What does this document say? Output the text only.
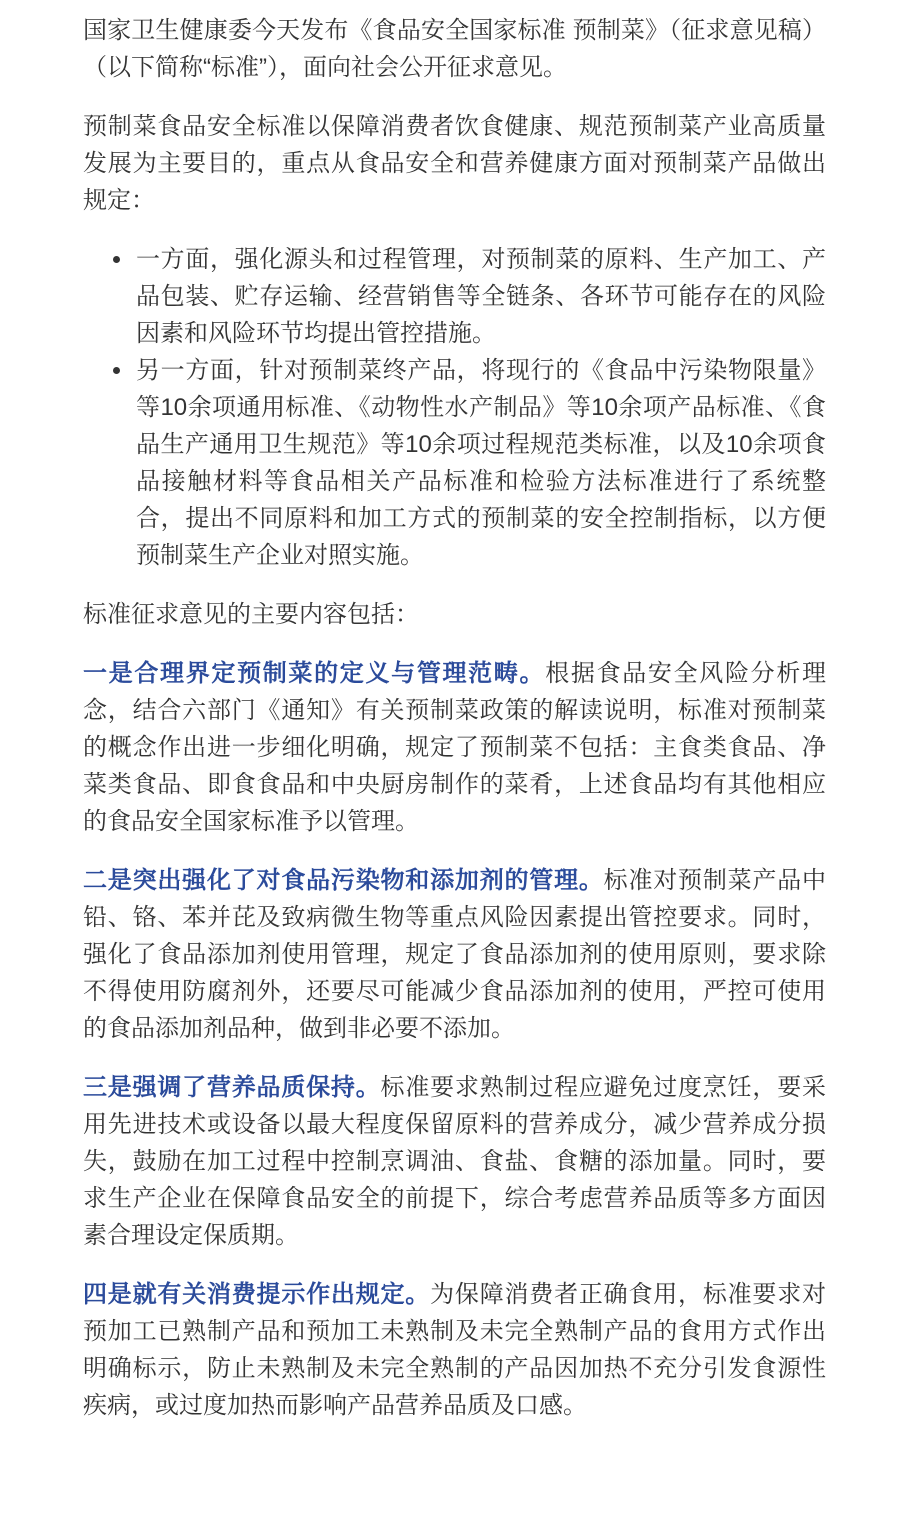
国家卫生健康委今天发布《食品安全国家标准 预制菜》（征求意见稿）（以下简称“标准”），面向社会公开征求意见。

预制菜食品安全标准以保障消费者饮食健康、规范预制菜产业高质量发展为主要目的，重点从食品安全和营养健康方面对预制菜产品做出规定：

• 一方面，强化源头和过程管理，对预制菜的原料、生产加工、产品包装、贮存运输、经营销售等全链条、各环节可能存在的风险因素和风险环节均提出管控措施。
• 另一方面，针对预制菜终产品，将现行的《食品中污染物限量》等10余项通用标准、《动物性水产制品》等10余项产品标准、《食品生产通用卫生规范》等10余项过程规范类标准，以及10余项食品接触材料等食品相关产品标准和检验方法标准进行了系统整合，提出不同原料和加工方式的预制菜的安全控制指标，以方便预制菜生产企业对照实施。

标准征求意见的主要内容包括：

一是合理界定预制菜的定义与管理范畴。根据食品安全风险分析理念，结合六部门《通知》有关预制菜政策的解读说明，标准对预制菜的概念作出进一步细化明确，规定了预制菜不包括：主食类食品、净菜类食品、即食食品和中央厨房制作的菜肴，上述食品均有其他相应的食品安全国家标准予以管理。

二是突出强化了对食品污染物和添加剂的管理。标准对预制菜产品中铅、铬、苯并芘及致病微生物等重点风险因素提出管控要求。同时，强化了食品添加剂使用管理，规定了食品添加剂的使用原则，要求除不得使用防腐剂外，还要尽可能减少食品添加剂的使用，严控可使用的食品添加剂品种，做到非必要不添加。

三是强调了营养品质保持。标准要求熟制过程应避免过度烹饪，要采用先进技术或设备以最大程度保留原料的营养成分，减少营养成分损失，鼓励在加工过程中控制烹调油、食盐、食糖的添加量。同时，要求生产企业在保障食品安全的前提下，综合考虑营养品质等多方面因素合理设定保质期。

四是就有关消费提示作出规定。为保障消费者正确食用，标准要求对预加工已熟制产品和预加工未熟制及未完全熟制产品的食用方式作出明确标示，防止未熟制及未完全熟制的产品因加热不充分引发食源性疾病，或过度加热而影响产品营养品质及口感。
